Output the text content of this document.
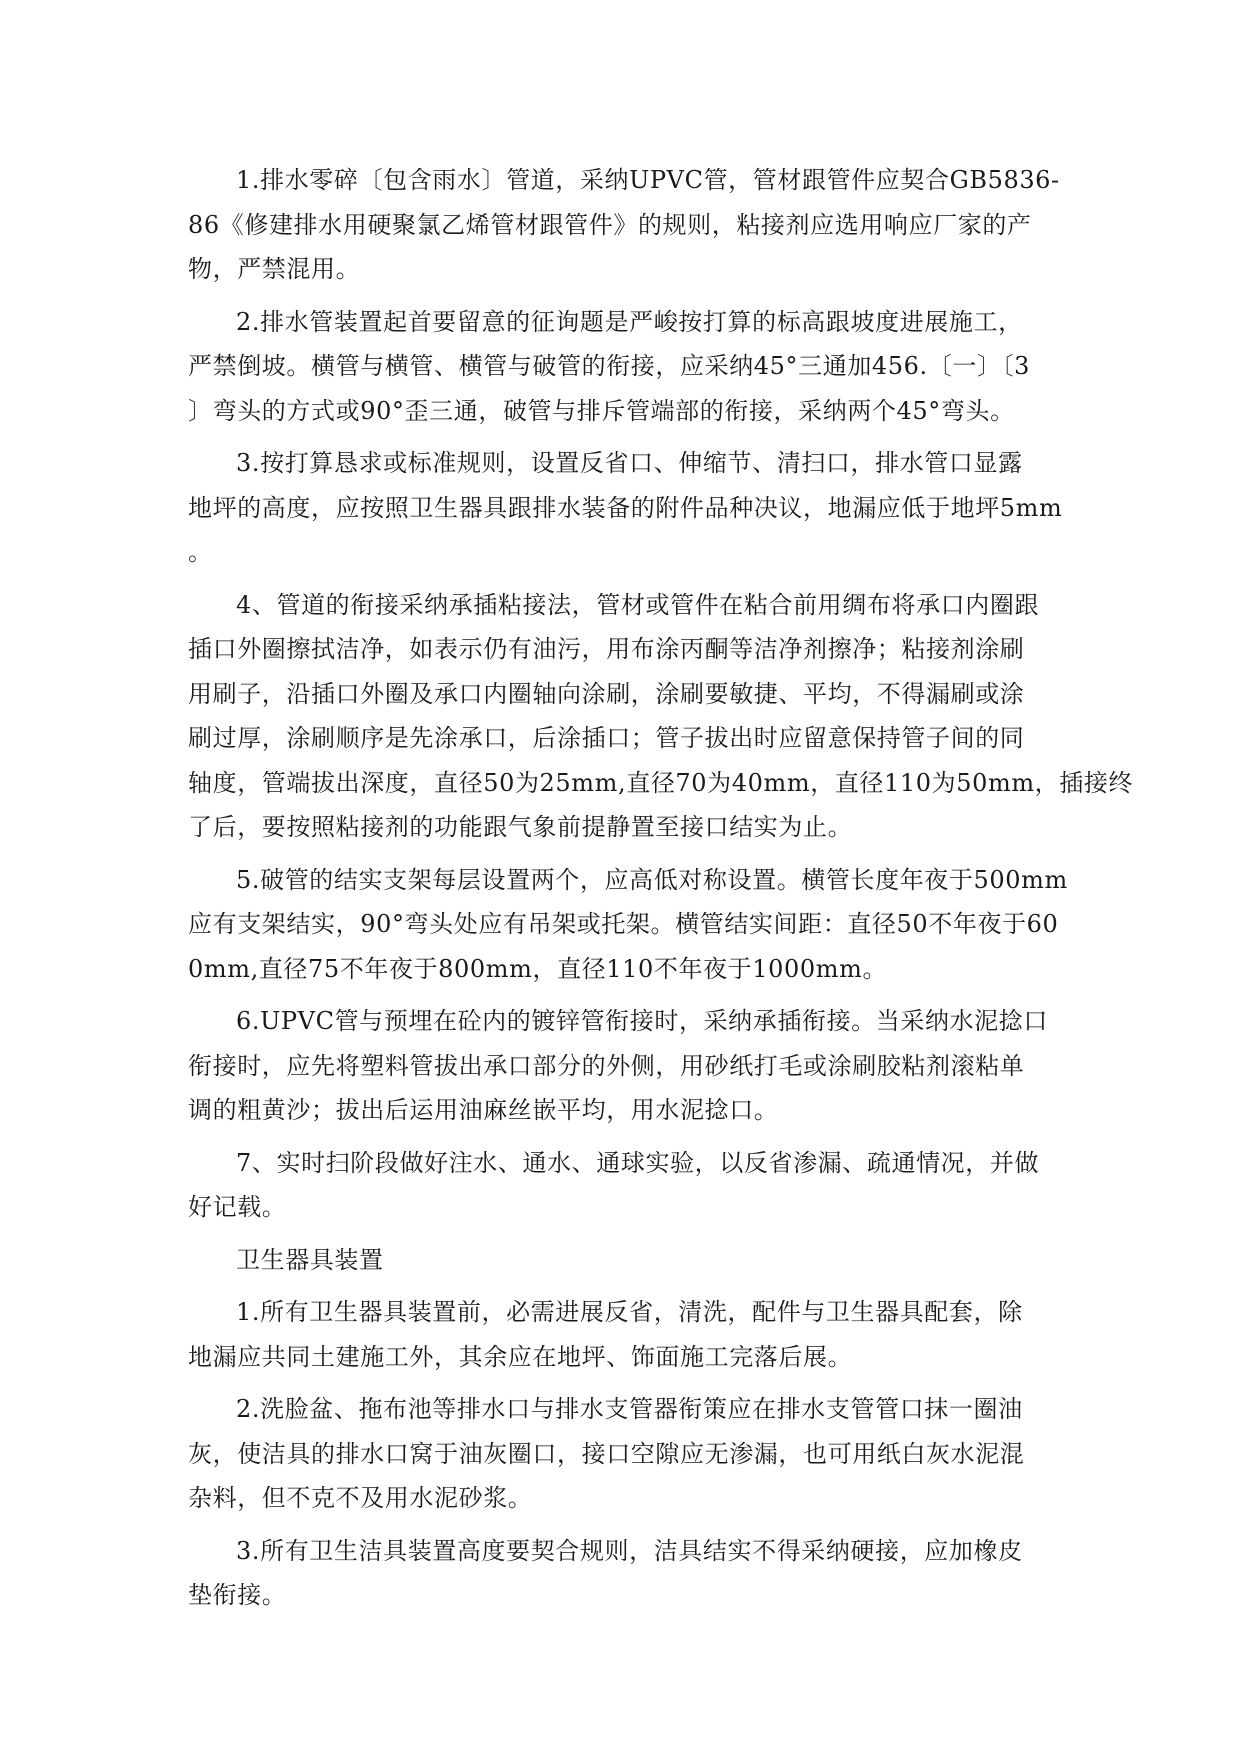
1.排水零碎〔包含雨水〕管道，采纳UPVC管，管材跟管件应契合GB5836-
86《修建排水用硬聚氯乙烯管材跟管件》的规则，粘接剂应选用响应厂家的产
物，严禁混用。
2.排水管装置起首要留意的征询题是严峻按打算的标高跟坡度进展施工，
严禁倒坡。横管与横管、横管与破管的衔接，应采纳45°三通加456.〔一〕〔3
〕弯头的方式或90°歪三通，破管与排斥管端部的衔接，采纳两个45°弯头。
3.按打算恳求或标准规则，设置反省口、伸缩节、清扫口，排水管口显露
地坪的高度，应按照卫生器具跟排水装备的附件品种决议，地漏应低于地坪5mm
。
4、管道的衔接采纳承插粘接法，管材或管件在粘合前用绸布将承口内圈跟
插口外圈擦拭洁净，如表示仍有油污，用布涂丙酮等洁净剂擦净；粘接剂涂刷
用刷子，沿插口外圈及承口内圈轴向涂刷，涂刷要敏捷、平均，不得漏刷或涂
刷过厚，涂刷顺序是先涂承口，后涂插口；管子拔出时应留意保持管子间的同
轴度，管端拔出深度，直径50为25mm,直径70为40mm，直径110为50mm，插接终
了后，要按照粘接剂的功能跟气象前提静置至接口结实为止。
5.破管的结实支架每层设置两个，应高低对称设置。横管长度年夜于500mm
应有支架结实，90°弯头处应有吊架或托架。横管结实间距：直径50不年夜于60
0mm,直径75不年夜于800mm，直径110不年夜于1000mm。
6.UPVC管与预埋在砼内的镀锌管衔接时，采纳承插衔接。当采纳水泥捻口
衔接时，应先将塑料管拔出承口部分的外侧，用砂纸打毛或涂刷胶粘剂滚粘单
调的粗黄沙；拔出后运用油麻丝嵌平均，用水泥捻口。
7、实时扫阶段做好注水、通水、通球实验，以反省渗漏、疏通情况，并做
好记载。
卫生器具装置
1.所有卫生器具装置前，必需进展反省，清洗，配件与卫生器具配套，除
地漏应共同土建施工外，其余应在地坪、饰面施工完落后展。
2.洗脸盆、拖布池等排水口与排水支管器衔策应在排水支管管口抹一圈油
灰，使洁具的排水口窝于油灰圈口，接口空隙应无渗漏，也可用纸白灰水泥混
杂料，但不克不及用水泥砂浆。
3.所有卫生洁具装置高度要契合规则，洁具结实不得采纳硬接，应加橡皮
垫衔接。
